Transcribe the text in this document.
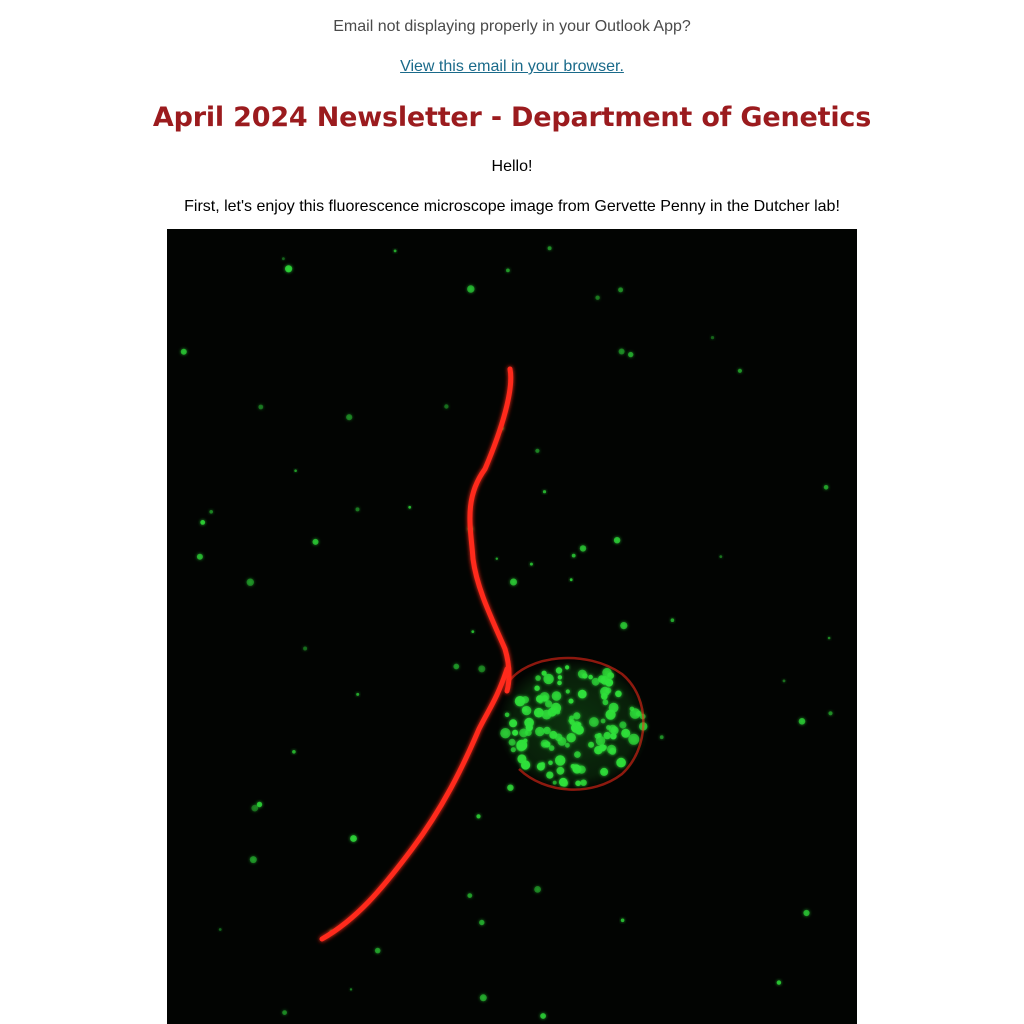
Email not displaying properly in your Outlook App?
View this email in your browser.
April 2024 Newsletter - Department of Genetics
Hello!
First, let's enjoy this fluorescence microscope image from Gervette Penny in the Dutcher lab!
